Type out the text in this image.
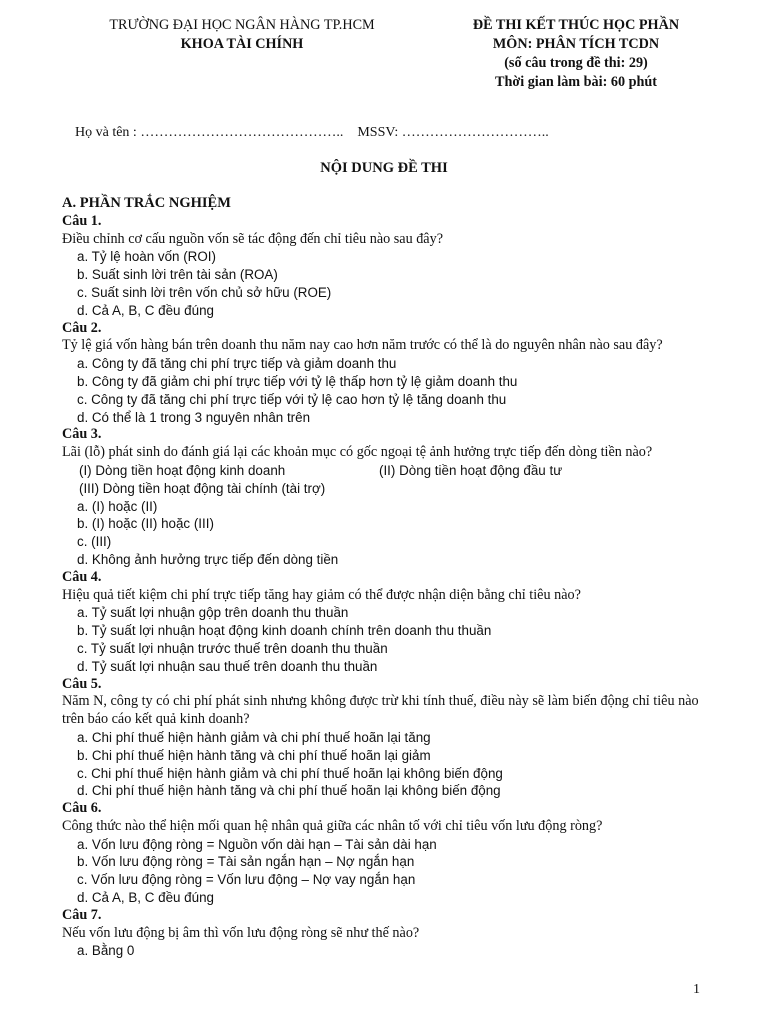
TRƯỜNG ĐẠI HỌC NGÂN HÀNG TP.HCM
KHOA TÀI CHÍNH
ĐỀ THI KẾT THÚC HỌC PHẦN
MÔN: PHÂN TÍCH TCDN
(số câu trong đề thi: 29)
Thời gian làm bài: 60 phút
Họ và tên : …………………………………….. MSSV: …………………………..
NỘI DUNG ĐỀ THI
A. PHẦN TRẮC NGHIỆM
Câu 1.
Điều chỉnh cơ cấu nguồn vốn sẽ tác động đến chỉ tiêu nào sau đây?
a. Tỷ lệ hoàn vốn (ROI)
b. Suất sinh lời trên tài sản (ROA)
c. Suất sinh lời trên vốn chủ sở hữu (ROE)
d. Cả A, B, C đều đúng
Câu 2.
Tỷ lệ giá vốn hàng bán trên doanh thu năm nay cao hơn năm trước có thể là do nguyên nhân nào sau đây?
a. Công ty đã tăng chi phí trực tiếp và giảm doanh thu
b. Công ty đã giảm chi phí trực tiếp với tỷ lệ thấp hơn tỷ lệ giảm doanh thu
c. Công ty đã tăng chi phí trực tiếp với tỷ lệ cao hơn tỷ lệ tăng doanh thu
d. Có thể là 1 trong 3 nguyên nhân trên
Câu 3.
Lãi (lỗ) phát sinh do đánh giá lại các khoản mục có gốc ngoại tệ ảnh hưởng trực tiếp đến dòng tiền nào?
(I) Dòng tiền hoạt động kinh doanh	(II) Dòng tiền hoạt động đầu tư
(III) Dòng tiền hoạt động tài chính (tài trợ)
a. (I) hoặc (II)
b. (I) hoặc (II) hoặc (III)
c. (III)
d. Không ảnh hưởng trực tiếp đến dòng tiền
Câu 4.
Hiệu quả tiết kiệm chi phí trực tiếp tăng hay giảm có thể được nhận diện bằng chỉ tiêu nào?
a. Tỷ suất lợi nhuận gộp trên doanh thu thuần
b. Tỷ suất lợi nhuận hoạt động kinh doanh chính trên doanh thu thuần
c. Tỷ suất lợi nhuận trước thuế trên doanh thu thuần
d. Tỷ suất lợi nhuận sau thuế trên doanh thu thuần
Câu 5.
Năm N, công ty có chi phí phát sinh nhưng không được trừ khi tính thuế, điều này sẽ làm biến động chỉ tiêu nào trên báo cáo kết quả kinh doanh?
a. Chi phí thuế hiện hành giảm và chi phí thuế hoãn lại tăng
b. Chi phí thuế hiện hành tăng và chi phí thuế hoãn lại giảm
c. Chi phí thuế hiện hành giảm và chi phí thuế hoãn lại không biến động
d. Chi phí thuế hiện hành tăng và chi phí thuế hoãn lại không biến động
Câu 6.
Công thức nào thể hiện mối quan hệ nhân quả giữa các nhân tố với chỉ tiêu vốn lưu động ròng?
a. Vốn lưu động ròng = Nguồn vốn dài hạn – Tài sản dài hạn
b. Vốn lưu động ròng = Tài sản ngắn hạn – Nợ ngắn hạn
c. Vốn lưu động ròng = Vốn lưu động – Nợ vay ngắn hạn
d. Cả A, B, C đều đúng
Câu 7.
Nếu vốn lưu động bị âm thì vốn lưu động ròng sẽ như thế nào?
a. Bằng 0
1
